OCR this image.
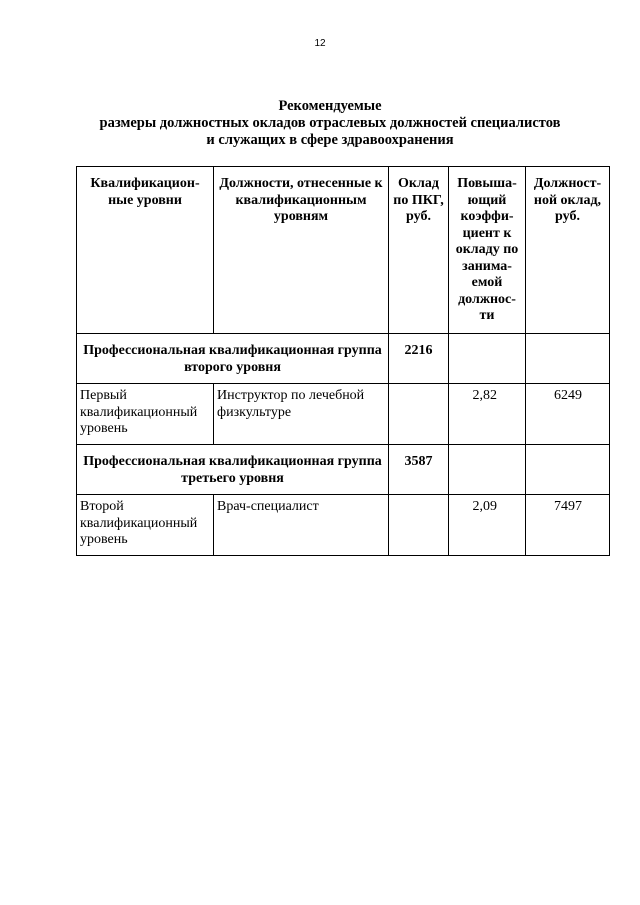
12
Рекомендуемые
размеры должностных окладов отраслевых должностей специалистов
и служащих в сфере здравоохранения
Квалификацион-ные уровни	Должности, отнесенные к квалификационным уровням	Оклад по ПКГ, руб.	Повыша-ющий коэффи-циент к окладу по занима-емой должнос-ти	Должност-ной оклад, руб.
Профессиональная квалификационная группа второго уровня		2216		
Первый квалификационный уровень	Инструктор по лечебной физкультуре		2,82	6249
Профессиональная квалификационная группа третьего уровня		3587		
Второй квалификационный уровень	Врач-специалист		2,09	7497
